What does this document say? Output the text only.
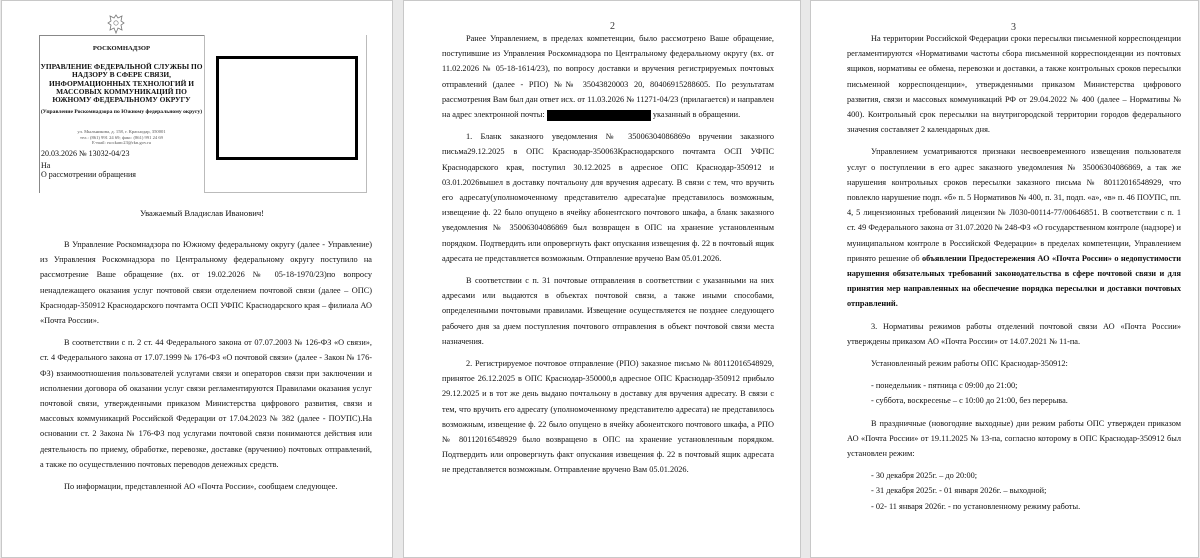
РОСКОМНАДЗОР
УПРАВЛЕНИЕ ФЕДЕРАЛЬНОЙ СЛУЖБЫ ПО НАДЗОРУ В СФЕРЕ СВЯЗИ, ИНФОРМАЦИОННЫХ ТЕХНОЛОГИЙ И МАССОВЫХ КОММУНИКАЦИЙ ПО ЮЖНОМУ ФЕДЕРАЛЬНОМУ ОКРУГУ
(Управление Роскомнадзора по Южному федеральному округу)
ул. Мыльникова, д. 158, г. Краснодар, 350001
тел.: (861) 991 24 69; факс: (861) 991 24 69
E-mail: rsockanc23@rkn.gov.ru
20.03.2026 № 13032-04/23
На
О рассмотрении обращения
Уважаемый Владислав Иванович!

В Управление Роскомнадзора по Южному федеральному округу (далее - Управление) из Управления Роскомнадзора по Центральному федеральному округу поступило на рассмотрение Ваше обращение (вх. от 19.02.2026 № 05-18-1970/23)по вопросу ненадлежащего оказания услуг почтовой связи отделением почтовой связи (далее – ОПС) Краснодар-350912 Краснодарского почтамта ОСП УФПС Краснодарского края – филиала АО «Почта России».

В соответствии с п. 2 ст. 44 Федерального закона от 07.07.2003 № 126-ФЗ «О связи», ст. 4 Федерального закона от 17.07.1999 № 176-ФЗ «О почтовой связи» (далее - Закон № 176-ФЗ) взаимоотношения пользователей услугами связи и операторов связи при заключении и исполнении договора об оказании услуг связи регламентируются Правилами оказания услуг почтовой связи, утвержденными приказом Министерства цифрового развития, связи и массовых коммуникаций Российской Федерации от 17.04.2023 № 382 (далее - ПОУПС).На основании ст. 2 Закона № 176-ФЗ под услугами почтовой связи понимаются действия или деятельность по приему, обработке, перевозке, доставке (вручению) почтовых отправлений, а также по осуществлению почтовых переводов денежных средств.

По информации, представленной АО «Почта России», сообщаем следующее.

2

Ранее Управлением, в пределах компетенции, было рассмотрено Ваше обращение, поступившие из Управления Роскомнадзора по Центральному федеральному округу (вх. от 11.02.2026 № 05-18-1614/23), по вопросу доставки и вручения регистрируемых почтовых отправлений (далее - РПО) №№ 35043820003 20, 80406915288605. По результатам рассмотрения Вам был дан ответ исх. от 11.03.2026 № 11271-04/23 (прилагается) и направлен на адрес электронной почты:	указанный в обращении.

1. Бланк заказного уведомления № 35006304086869о вручении заказного письма29.12.2025 в ОПС Краснодар-350063Краснодарского почтамта ОСП УФПС Краснодарского края, поступил 30.12.2025 в адресное ОПС Краснодар-350912 и 03.01.2026вышел в доставку почтальону для вручения адресату. В связи с тем, что вручить его адресату(уполномоченному представителю адресата)не представилось возможным, извещение ф. 22 было опущено в ячейку абонентского почтового шкафа, а бланк заказного уведомления № 35006304086869 был возвращен в ОПС на хранение установленным порядком. Подтвердить или опровергнуть факт опускания извещения ф. 22 в почтовый ящик адресата не представляется возможным. Отправление вручено Вам 05.01.2026.

В соответствии с п. 31 почтовые отправления в соответствии с указанными на них адресами или выдаются в объектах почтовой связи, а также иными способами, определенными почтовыми правилами. Извещение осуществляется не позднее следующего рабочего дня за днем поступления почтового отправления в объект почтовой связи места назначения.

2. Регистрируемое почтовое отправление (РПО) заказное письмо № 80112016548929, принятое 26.12.2025 в ОПС Краснодар-350000,в адресное ОПС Краснодар-350912 прибыло 29.12.2025 и в тот же день выдано почтальону в доставку для вручения адресату. В связи с тем, что вручить его адресату (уполномоченному представителю адресата) не представилось возможным, извещение ф. 22 было опущено в ячейку абонентского почтового шкафа, а РПО № 80112016548929 было возвращено в ОПС на хранение установленным порядком. Подтвердить или опровергнуть факт опускания извещения ф. 22 в почтовый ящик адресата не представляется возможным. Отправление вручено Вам 05.01.2026.

3

На территории Российской Федерации сроки пересылки письменной корреспонденции регламентируются «Нормативами частоты сбора письменной корреспонденции из почтовых ящиков, нормативы ее обмена, перевозки и доставки, а также контрольных сроков пересылки письменной корреспонденции», утвержденными приказом Министерства цифрового развития, связи и массовых коммуникаций РФ от 29.04.2022 № 400 (далее – Нормативы № 400). Контрольный срок пересылки на внутригородской территории городов федерального значения составляет 2 календарных дня.

Управлением усматриваются признаки несвоевременного извещения пользователя услуг о поступлении в его адрес заказного уведомления № 35006304086869, а так же нарушения контрольных сроков пересылки заказного письма № 80112016548929, что повлекло нарушение подп. «б» п. 5 Нормативов № 400, п. 31, подп. «а», «в» п. 46 ПОУПС, пп. 4, 5 лицензионных требований лицензии № Л030-00114-77/00646851. В соответствии с п. 1 ст. 49 Федерального закона от 31.07.2020 № 248-ФЗ «О государственном контроле (надзоре) и муниципальном контроле в Российской Федерации» в пределах компетенции, Управлением принято решение об объявлении Предостережения АО «Почта России» о недопустимости нарушения обязательных требований законодательства в сфере почтовой связи и для принятия мер направленных на обеспечение порядка пересылки и доставки почтовых отправлений.

3. Нормативы режимов работы отделений почтовой связи АО «Почта России» утверждены приказом АО «Почта России» от 14.07.2021 № 11-па.

Установленный режим работы ОПС Краснодар-350912:

- понедельник - пятница с 09:00 до 21:00;

- суббота, воскресенье – с 10:00 до 21:00, без перерыва.

В праздничные (новогодние выходные) дни режим работы ОПС утвержден приказом АО «Почта России» от 19.11.2025 № 13-па, согласно которому в ОПС Краснодар-350912 был установлен режим:

- 30 декабря 2025г. – до 20:00;

- 31 декабря 2025г. - 01 января 2026г. – выходной;

- 02- 11 января 2026г. - по установленному режиму работы.
